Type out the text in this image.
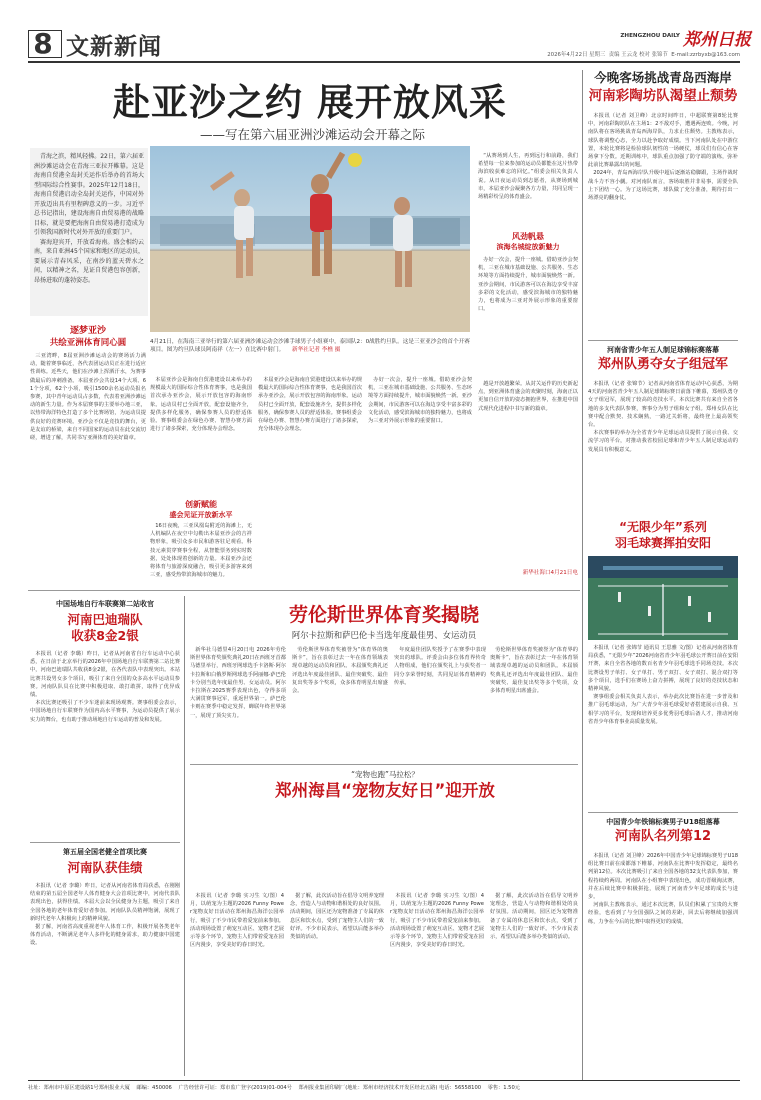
8 文新新闻	ZHENGZHOU DAILY 郑州日报
2026年4月22日 星期三 责编 王云龙 校对 张锦节 E-mail:zzrbyxb@163.com
赴亚沙之约 展开放风采
——写在第六届亚洲沙滩运动会开幕之际
青海之滨，精风轻拂。22日，第六届亚洲沙滩运动会在青海三亚拉开帷幕。这是海南自贸港全岛封关运作后举办的首场大型国际综合性赛事。2025年12月18日，海南自贸港启动全岛封关运作，中国对外开放迈出具有里程碑意义的一步。习近平总书记指出，建设海南自由贸易港的战略目标，就是要把海南自由贸易港打造成为引领我国新时代对外开放的重要门户。
赛海迎宾开，开放看海南。盛会相约云南，来自亚洲45个国家和地区的运动员，要展示青春风采，在南沙的蓝天碧水之间，以精神之名，见证自贸港包容创新，昂扬进取的蓬勃姿态。
4月21日，在海南三亚举行的第六届亚洲沙滩运动会沙滩手球男子小组赛中，泰国队2：0战胜约旦队。这是三亚亚沙会的首个开赛项目。图为约旦队球员阿南祥（左一）在比赛中射门。 新华社记者 李樵 摄
逐梦亚沙
共绘亚洲体育同心圆
三亚湾畔，8届亚洲沙滩运动会的赛场活力满动，随着赛事临近，各代表团运动员正在进行适应性训练。近些天，他们在沙滩上挥洒汗水，为赛事做最后的冲刺准备。本届亚沙会共设14个大项、61个分项，62个小项，吸引1500余名运动员报名参赛，其中青年运动员占多数，代表着亚洲沙滩运动的新生力量。作为本届赛事的主要举办地三亚，以热带海洋特色打造了多个比赛场馆，为运动员提供良好的竞赛环境。亚沙会不仅是竞技的舞台，更是友谊的桥梁，来自不同国家的运动员在此交流切磋，增进了解，共同书写亚洲体育的美好篇章。
本届亚沙会是海南自贸港建设以来举办的规模最大的国际综合性体育赛事，也是我国首次承办亚沙会，展示开放包容的海南形象。运动员村已全面开放，配套设施齐全，提供多样化服务，确保参赛人员的舒适体验。赛事组委会在绿色办赛、智慧办赛方面进行了诸多探索，充分体现办会理念。
创新赋能
盛会见证开放新水平
16日夜晚，三亚凤凰岛附近的海滩上，无人机编队在夜空中勾勒出本届亚沙会的吉祥物形象，吸引众多市民和游客驻足观看。科技元素贯穿赛事全程，从智能票务到实时数据，处处体现着创新的力量。本届亚沙会还将体育与旅游深度融合，吸引更多游客来到三亚，感受热带滨海城市的魅力。
本届亚沙会是海南自贸港建设以来举办的规模最大的国际综合性体育赛事，也是我国首次承办亚沙会，展示开放包容的海南形象。运动员村已全面开放，配套设施齐全，提供多样化服务，确保参赛人员的舒适体验。赛事组委会在绿色办赛、智慧办赛方面进行了诸多探索，充分体现办会理念。
“从赛场到人生，再到远行和前路，我们希望每一位来参加的运动员都能在这片热带海滨收获难忘的回忆。”组委会相关负责人说。从日夜运动员到志愿者，从赛场到城市，本届亚沙会凝聚各方力量，共同呈现一场精彩纷呈的体育盛会。
风劲帆悬
滨海名城绽放新魅力
办好一次会，提升一座城。借助亚沙会契机，三亚在城市基础设施、公共服务、生态环境等方面持续提升，城市面貌焕然一新。亚沙会期间，市民游客可以在海边享受丰富多彩的文化活动，感受滨海城市的独特魅力，也将成为三亚对外展示形象的重要窗口。
办好一次会，提升一座城。借助亚沙会契机，三亚在城市基础设施、公共服务、生态环境等方面持续提升，城市面貌焕然一新。亚沙会期间，市民游客可以在海边享受丰富多彩的文化活动，感受滨海城市的独特魅力，也将成为三亚对外展示形象的重要窗口。
越是开放越繁荣。从封关运作的历史新起点，到亚洲体育盛会的欢聚时刻，海南正以更加自信开放的姿态拥抱世界，在推进中国式现代化进程中书写新的篇章。
新华社海口4月21日电
今晚客场挑战青岛西海岸
河南彩陶坊队渴望止颓势
本报讯（记者 刘卫峰）北京时间昨日，中超联赛第8轮比赛中，河南彩陶坊队在主场1：2不敌对手，遭遇两连败。今晚，河南队将在客场挑战青岛西海岸队，力求止住颓势。主教练表示，球队将调整心态，全力以赴争取好成绩。当下河南队处在中游位置，本轮比赛将是检验球队韧性的一场硬仗，球员们有信心在客场拿下分数。近期训练中，球队重点加强了防守端的演练，弥补此前比赛暴露出的问题。
2024年，青岛西海岸队升级中超后逐渐站稳脚跟，主场作战时战斗力不容小觑。对河南队而言，客场取胜并非易事，需要全队上下团结一心。为了这场比赛，球队做了充分准备，期待打出一场漂亮的翻身仗。
河南省青少年五人制足球锦标赛落幕
郑州队勇夺女子组冠军
本报讯（记者 张锦节）记者从河南省体育运动中心获悉，为期4天的河南省青少年五人制足球锦标赛日前落下帷幕，郑州队勇夺女子组冠军，展现了较高的竞技水平。本次比赛共有来自全省各地的多支代表队参赛，赛事分为男子组和女子组。郑州女队在比赛中配合默契、技术娴熟，一路过关斩将，最终登上最高领奖台。
本次赛事的举办为全省青少年足球运动员提供了展示自我、交流学习的平台，对推动我省校园足球和青少年五人制足球运动的发展具有积极意义。
“无限少年”系列
羽毛球赛挥拍安阳
本报讯（记者 张锦节 通讯员 王思雅 文/图）记者从河南省体育局获悉，“无限少年”2026河南省青少年羽毛球公开赛日前在安阳开赛，来自全省各地的数百名青少年羽毛球选手同场竞技。本次比赛设男子单打、女子单打、男子双打、女子双打、混合双打等多个项目，选手们在赛场上奋力拼搏，展现了良好的竞技状态和精神风貌。
赛事组委会相关负责人表示，举办此次比赛旨在进一步普及和推广羽毛球运动，为广大青少年羽毛球爱好者搭建展示自我、互相学习的平台，发现和培养更多优秀羽毛球后备人才，推动河南省青少年体育事业高质量发展。
中国青少年铁锦标赛男子U18组落幕
河南队名列第12
本报讯（记者 刘卫峰）2026年中国青少年足球锦标赛男子U18组比赛日前在成都落下帷幕，河南队在比赛中发挥稳定，最终名列第12位。本次比赛吸引了来自全国各地的32支代表队参加，赛程持续约两周。河南队在小组赛中表现出色，成功晋级淘汰赛，并在后续比赛中积极拼抢，展现了河南青少年足球的成长与进步。
河南队主教练表示，通过本次比赛，队员们积累了宝贵的大赛经验，也看到了与全国强队之间的差距，回去后将继续加强训练，力争在今后的比赛中取得更好的成绩。
中国场地自行车联赛第二站收官
河南巴迪瑞队
收获8金2银
本报讯（记者 李璐）昨日，记者从河南省自行车运动中心获悉，在日前于北京举行的2026年中国场地自行车联赛第二站比赛中，河南巴迪瑞队共收获8金2银，在各代表队中表现突出。本站比赛共设男女多个项目，吸引了来自全国的众多高水平运动员参赛。河南队队员在比赛中积极进取、敢打敢拼，取得了优异成绩。
本次比赛还吸引了不少车迷前来现场观赛。赛事组委会表示，中国场地自行车联赛作为国内高水平赛事，为运动员提供了展示实力的舞台，也有助于推动场地自行车运动的普及和发展。
第五届全国老健全首项比赛
河南队获佳绩
本报讯（记者 李璐）昨日，记者从河南省体育局获悉，在刚刚结束的第五届全国老年人体育健身大会首项比赛中，河南代表队表现出色，获得佳绩。本届大会以全民健身为主题，吸引了来自全国各地的老年体育爱好者参加。河南队队员精神饱满，展现了新时代老年人积极向上的精神风貌。
据了解，河南省高度重视老年人体育工作，积极开展各类老年体育活动，不断满足老年人多样化的健身需求，助力健康中国建设。
劳伦斯世界体育奖揭晓
阿尔卡拉斯和萨巴伦卡当选年度最佳男、女运动员
新华社马德里4月20日电 2026年劳伦斯世界体育奖颁奖典礼20日在西班牙首都马德里举行，西班牙网球选手卡洛斯·阿尔卡拉斯和白俄罗斯网球选手阿丽娜·萨巴伦卡分别当选年度最佳男、女运动员。阿尔卡拉斯在2025赛季表现出色，夺得多项大满贯赛事冠军，重返世界第一。萨巴伦卡则在赛季中稳定发挥，蝉联年终世界第一，展现了顶尖实力。
劳伦斯世界体育奖被誉为“体育界的奥斯卡”，旨在表彰过去一年在体育领域表现卓越的运动员和团队。本届颁奖典礼还评选出年度最佳团队、最佳突破奖、最佳复出奖等多个奖项，众多体育明星出席盛会。
年度最佳团队奖授予了在赛季中表现突出的球队。评委会由多位体育界传奇人物组成，他们在颁奖礼上与获奖者一同分享荣誉时刻，共同见证体育精神的传承。
劳伦斯世界体育奖被誉为“体育界的奥斯卡”，旨在表彰过去一年在体育领域表现卓越的运动员和团队。本届颁奖典礼还评选出年度最佳团队、最佳突破奖、最佳复出奖等多个奖项，众多体育明星出席盛会。
“宠物也跑”马拉松？
郑州海昌“宠物友好日”迎开放
本报讯（记者 李璐 实习生 文/图）4月，以萌宠为主题的2026 Funny Power宠物友好日活动在郑州海昌海洋公园举行，吸引了不少市民带着爱宠前来参加。活动现场设置了萌宠互动区、宠物才艺展示等多个环节，宠物主人们带着爱宠在园区内漫步，享受美好的春日时光。
据了解，此次活动旨在倡导文明养宠理念，营造人与动物和谐相处的良好氛围。活动期间，园区还为宠物准备了专属的休息区和饮水点，受到了宠物主人们的一致好评。不少市民表示，希望以后能多举办类似的活动。
本报讯（记者 李璐 实习生 文/图）4月，以萌宠为主题的2026 Funny Power宠物友好日活动在郑州海昌海洋公园举行，吸引了不少市民带着爱宠前来参加。活动现场设置了萌宠互动区、宠物才艺展示等多个环节，宠物主人们带着爱宠在园区内漫步，享受美好的春日时光。
据了解，此次活动旨在倡导文明养宠理念，营造人与动物和谐相处的良好氛围。活动期间，园区还为宠物准备了专属的休息区和饮水点，受到了宠物主人们的一致好评。不少市民表示，希望以后能多举办类似的活动。
社址：郑州市中原区建设路1号郑州报业大厦 邮编：450006 广告经营许可证：郑市监广登字(2019)01-004号 郑州报业集团印刷厂(地址：郑州市经济技术开发区经北五路) 电话：56558100 零售：1.50元
